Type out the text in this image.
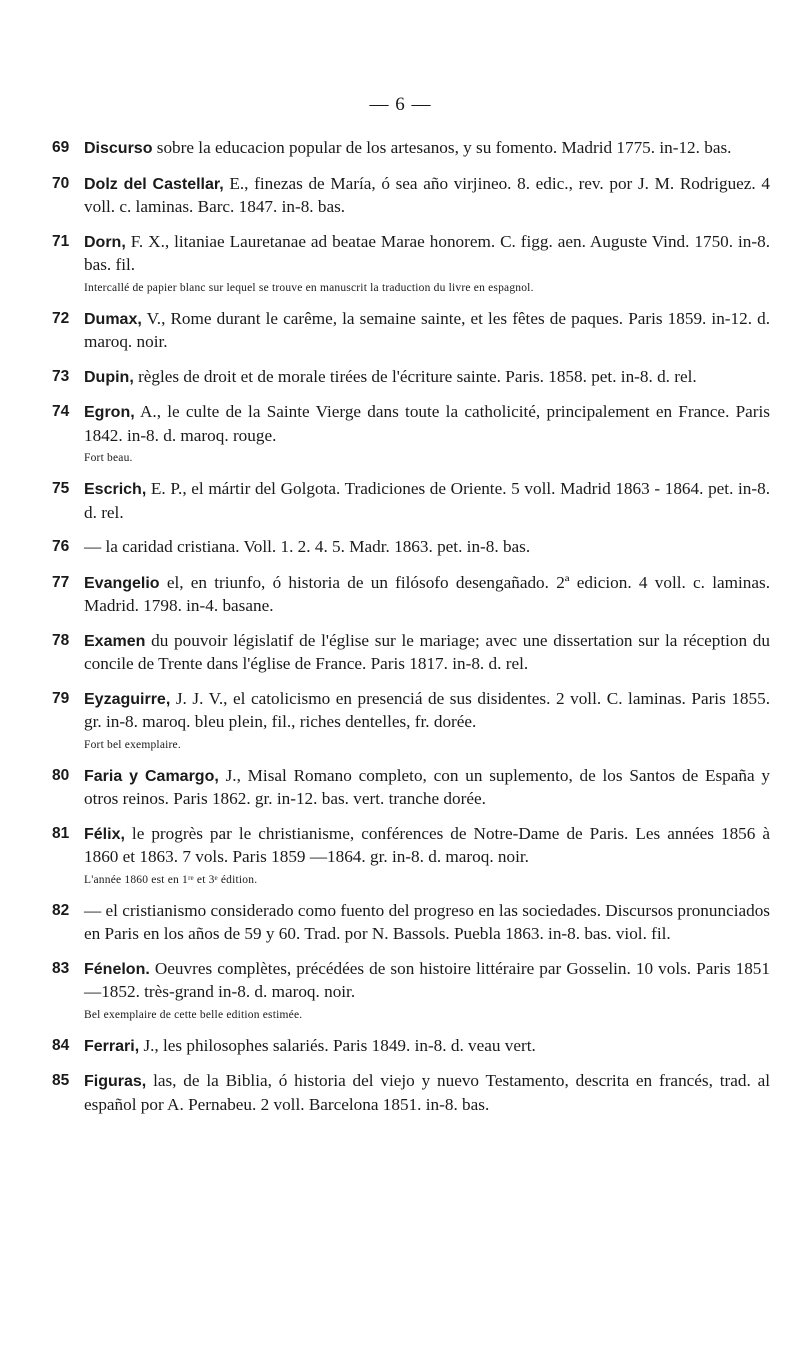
— 6 —
69 Discurso sobre la educacion popular de los artesanos, y su fomento. Madrid 1775. in-12. bas.
70 Dolz del Castellar, E., finezas de María, ó sea año virjineo. 8. edic., rev. por J. M. Rodriguez. 4 voll. c. laminas. Barc. 1847. in-8. bas.
71 Dorn, F. X., litaniae Lauretanae ad beatae Marae honorem. C. figg. aen. Auguste Vind. 1750. in-8. bas. fil.
Intercallé de papier blanc sur lequel se trouve en manuscrit la traduction du livre en espagnol.
72 Dumax, V., Rome durant le carême, la semaine sainte, et les fêtes de paques. Paris 1859. in-12. d. maroq. noir.
73 Dupin, règles de droit et de morale tirées de l'écriture sainte. Paris. 1858. pet. in-8. d. rel.
74 Egron, A., le culte de la Sainte Vierge dans toute la catholicité, principalement en France. Paris 1842. in-8. d. maroq. rouge.
Fort beau.
75 Escrich, E. P., el mártir del Golgota. Tradiciones de Oriente. 5 voll. Madrid 1863 - 1864. pet. in-8. d. rel.
76 — la caridad cristiana. Voll. 1. 2. 4. 5. Madr. 1863. pet. in-8. bas.
77 Evangelio el, en triunfo, ó historia de un filósofo desengañado. 2ª edicion. 4 voll. c. laminas. Madrid. 1798. in-4. basane.
78 Examen du pouvoir législatif de l'église sur le mariage; avec une dissertation sur la réception du concile de Trente dans l'église de France. Paris 1817. in-8. d. rel.
79 Eyzaguirre, J. J. V., el catolicismo en presenciá de sus disidentes. 2 voll. C. laminas. Paris 1855. gr. in-8. maroq. bleu plein, fil., riches dentelles, fr. dorée.
Fort bel exemplaire.
80 Faria y Camargo, J., Misal Romano completo, con un suplemento, de los Santos de España y otros reinos. Paris 1862. gr. in-12. bas. vert. tranche dorée.
81 Félix, le progrès par le christianisme, conférences de Notre-Dame de Paris. Les années 1856 à 1860 et 1863. 7 vols. Paris 1859 —1864. gr. in-8. d. maroq. noir.
L'année 1860 est en 1ʳᵉ et 3ᵉ édition.
82 — el cristianismo considerado como fuento del progreso en las sociedades. Discursos pronunciados en Paris en los años de 59 y 60. Trad. por N. Bassols. Puebla 1863. in-8. bas. viol. fil.
83 Fénelon. Oeuvres complètes, précédées de son histoire littéraire par Gosselin. 10 vols. Paris 1851—1852. très-grand in-8. d. maroq. noir.
Bel exemplaire de cette belle edition estimée.
84 Ferrari, J., les philosophes salariés. Paris 1849. in-8. d. veau vert.
85 Figuras, las, de la Biblia, ó historia del viejo y nuevo Testamento, descrita en francés, trad. al español por A. Pernabeu. 2 voll. Barcelona 1851. in-8. bas.
